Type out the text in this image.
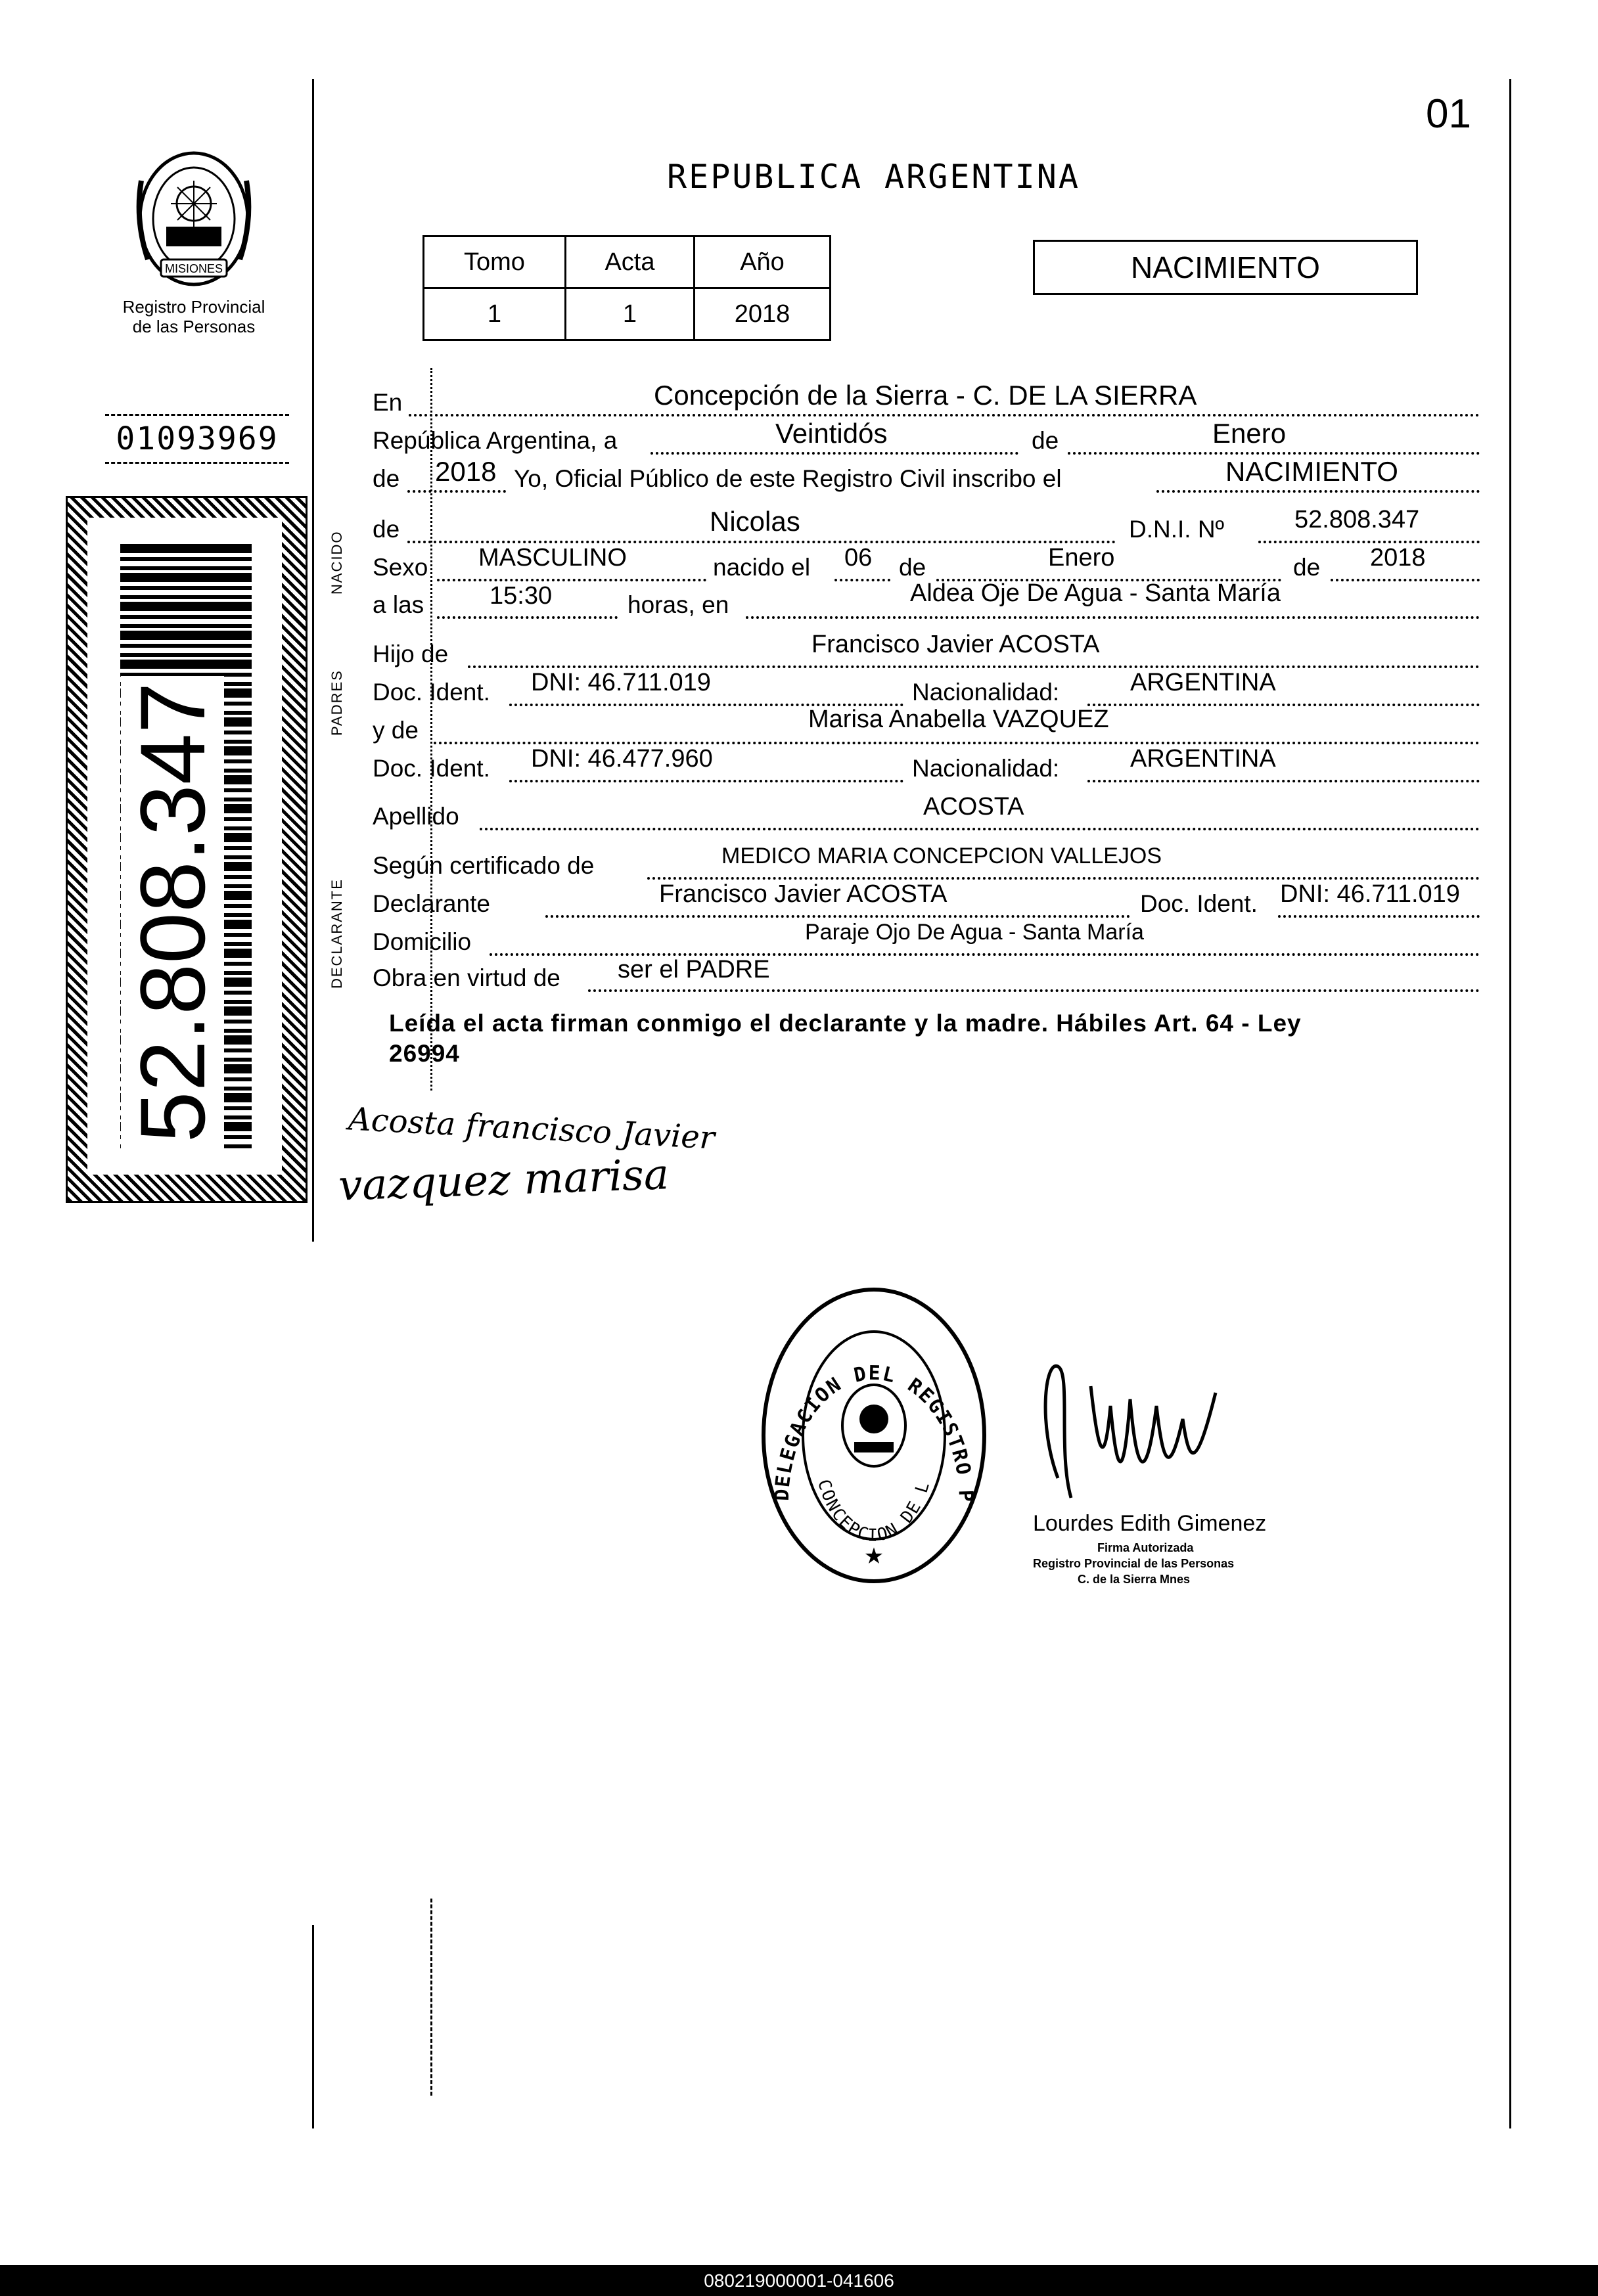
01
REPUBLICA ARGENTINA
MISIONES
Registro Provincial
de las Personas
01093969
52.808.347
Tomo	Acta	Año
1	1	2018
NACIMIENTO
En	Concepción de la Sierra - C. DE LA SIERRA
República Argentina, a	Veintidós	de	Enero
de 2018 Yo, Oficial Público de este Registro Civil inscribo el	NACIMIENTO
NACIDO
de	Nicolas	D.N.I. Nº	52.808.347
Sexo MASCULINO	nacido el 06 de	Enero	de 2018
a las	15:30	horas, en	Aldea Oje De Agua - Santa María
PADRES
Hijo de	Francisco Javier ACOSTA
Doc. Ident. DNI: 46.711.019	Nacionalidad:	ARGENTINA
y de	Marisa Anabella VAZQUEZ
Doc. Ident. DNI: 46.477.960	Nacionalidad:	ARGENTINA
Apellido	ACOSTA
DECLARANTE
Según certificado de	MEDICO MARIA CONCEPCION VALLEJOS
Declarante	Francisco Javier ACOSTA	Doc. Ident. DNI: 46.711.019
Domicilio	Paraje Ojo De Agua - Santa María
Obra en virtud de ser el PADRE
Leída el acta firman conmigo el declarante y la madre. Hábiles Art. 64 - Ley
26994
Acosta francisco Javier
vazquez marisa
DELEGACION DEL REGISTRO P
CONCEPCION DE L
★
Lourdes Edith Gimenez
Firma Autorizada
Registro Provincial de las Personas
C. de la Sierra Mnes
080219000001-041606
